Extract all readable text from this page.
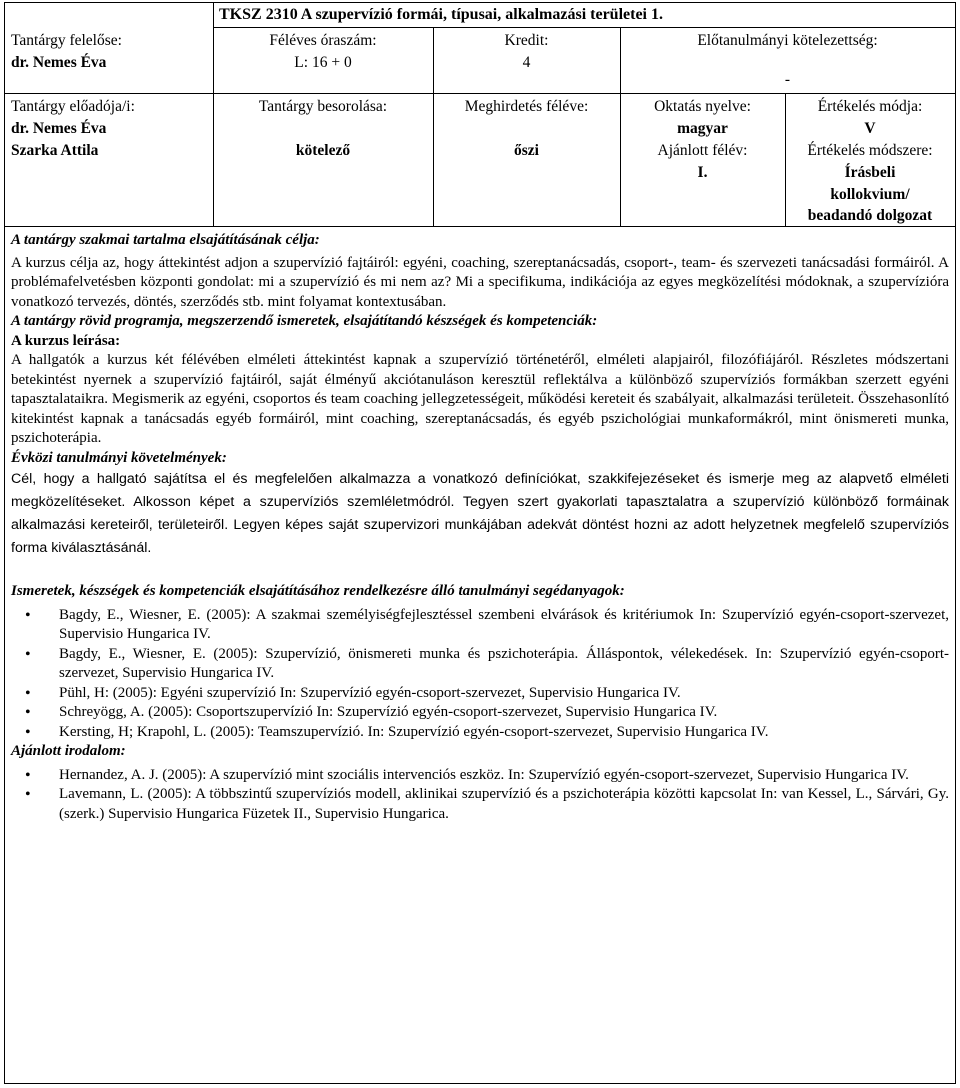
TKSZ 2310 A szupervízió formái, típusai, alkalmazási területei 1.
Tantárgy felelőse:
dr. Nemes Éva
Féléves óraszám:
L: 16 + 0
Kredit:
4
Előtanulmányi kötelezettség:
-
Tantárgy előadója/i:
dr. Nemes Éva
Szarka Attila
Tantárgy besorolása:
kötelező
Meghirdetés féléve:
őszi
Oktatás nyelve:
magyar
Ajánlott félév:
I.
Értékelés módja:
V
Értékelés módszere:
Írásbeli
kollokvium/
beadandó dolgozat

A tantárgy szakmai tartalma elsajátításának célja:

A kurzus célja az, hogy áttekintést adjon a szupervízió fajtáiról: egyéni, coaching, szereptanácsadás, csoport-, team- és szervezeti tanácsadási formáiról. A problémafelvetésben központi gondolat: mi a szupervízió és mi nem az? Mi a specifikuma, indikációja az egyes megközelítési módoknak, a szupervízióra vonatkozó tervezés, döntés, szerződés stb. mint folyamat kontextusában.

A tantárgy rövid programja, megszerzendő ismeretek, elsajátítandó készségek és kompetenciák:

A kurzus leírása:

A hallgatók a kurzus két félévében elméleti áttekintést kapnak a szupervízió történetéről, elméleti alapjairól, filozófiájáról. Részletes módszertani betekintést nyernek a szupervízió fajtáiról, saját élményű akciótanuláson keresztül reflektálva a különböző szupervíziós formákban szerzett egyéni tapasztalataikra. Megismerik az egyéni, csoportos és team coaching jellegzetességeit, működési kereteit és szabályait, alkalmazási területeit. Összehasonlító kitekintést kapnak a tanácsadás egyéb formáiról, mint coaching, szereptanácsadás, és egyéb pszichológiai munkaformákról, mint önismereti munka, pszichoterápia.

Évközi tanulmányi követelmények:

Cél, hogy a hallgató sajátítsa el és megfelelően alkalmazza a vonatkozó definíciókat, szakkifejezéseket és ismerje meg az alapvető elméleti megközelítéseket. Alkosson képet a szupervíziós szemléletmódról. Tegyen szert gyakorlati tapasztalatra a szupervízió különböző formáinak alkalmazási kereteiről, területeiről. Legyen képes saját szupervizori munkájában adekvát döntést hozni az adott helyzetnek megfelelő szupervíziós forma kiválasztásánál.

Ismeretek, készségek és kompetenciák elsajátításához rendelkezésre álló tanulmányi segédanyagok:

• Bagdy, E., Wiesner, E. (2005): A szakmai személyiségfejlesztéssel szembeni elvárások és kritériumok In: Szupervízió egyén-csoport-szervezet, Supervisio Hungarica IV.
• Bagdy, E., Wiesner, E. (2005): Szupervízió, önismereti munka és pszichoterápia. Álláspontok, vélekedések. In: Szupervízió egyén-csoport-szervezet, Supervisio Hungarica IV.
• Pühl, H: (2005): Egyéni szupervízió In: Szupervízió egyén-csoport-szervezet, Supervisio Hungarica IV.
• Schreyögg, A. (2005): Csoportszupervízió In: Szupervízió egyén-csoport-szervezet, Supervisio Hungarica IV.
• Kersting, H; Krapohl, L. (2005): Teamszupervízió. In: Szupervízió egyén-csoport-szervezet, Supervisio Hungarica IV.

Ajánlott irodalom:

• Hernandez, A. J. (2005): A szupervízió mint szociális intervenciós eszköz. In: Szupervízió egyén-csoport-szervezet, Supervisio Hungarica IV.
• Lavemann, L. (2005): A többszintű szupervíziós modell, aklinikai szupervízió és a pszichoterápia közötti kapcsolat In: van Kessel, L., Sárvári, Gy. (szerk.) Supervisio Hungarica Füzetek II., Supervisio Hungarica.
